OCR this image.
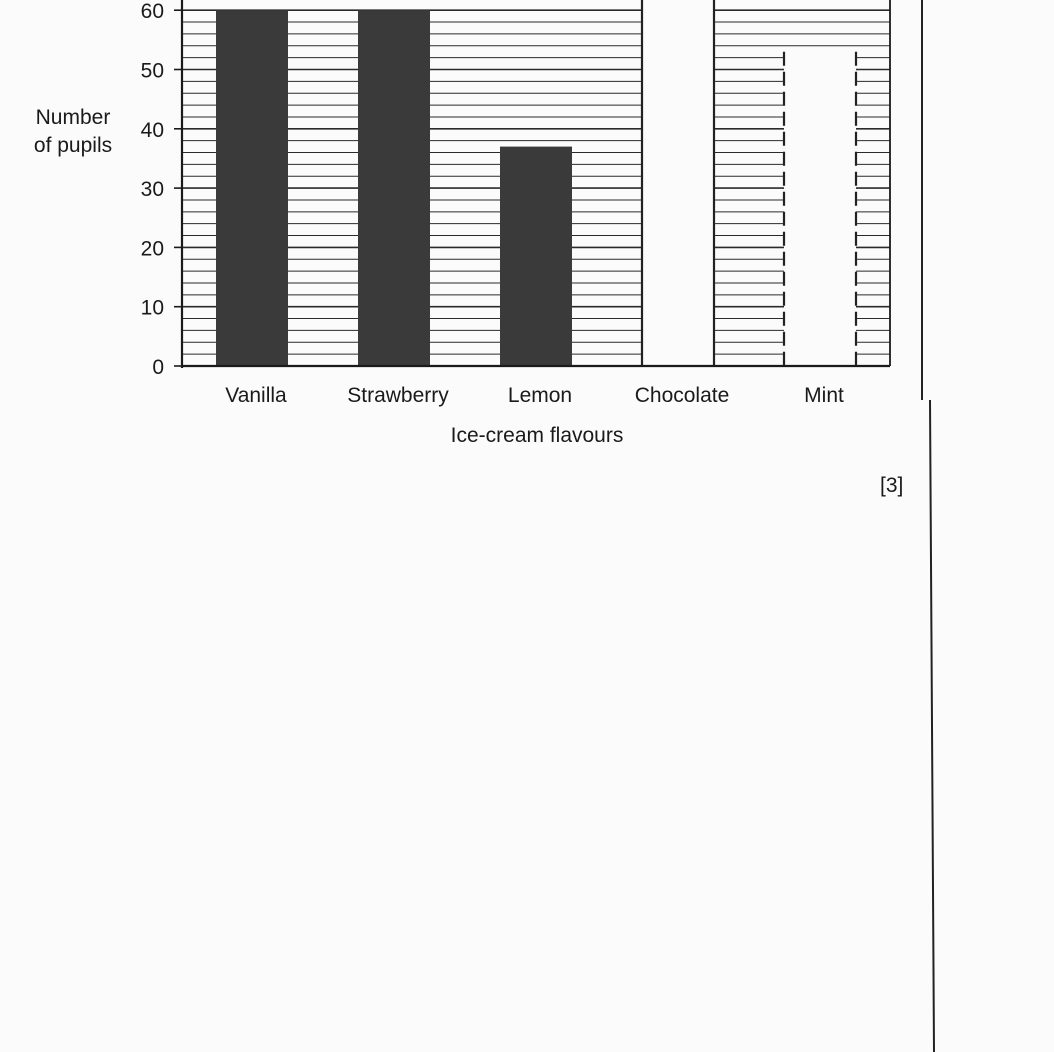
0
10
20
30
40
50
60
Vanilla	Strawberry	Lemon	Chocolate	Mint
Number
of pupils
Ice-cream flavours
[3]
